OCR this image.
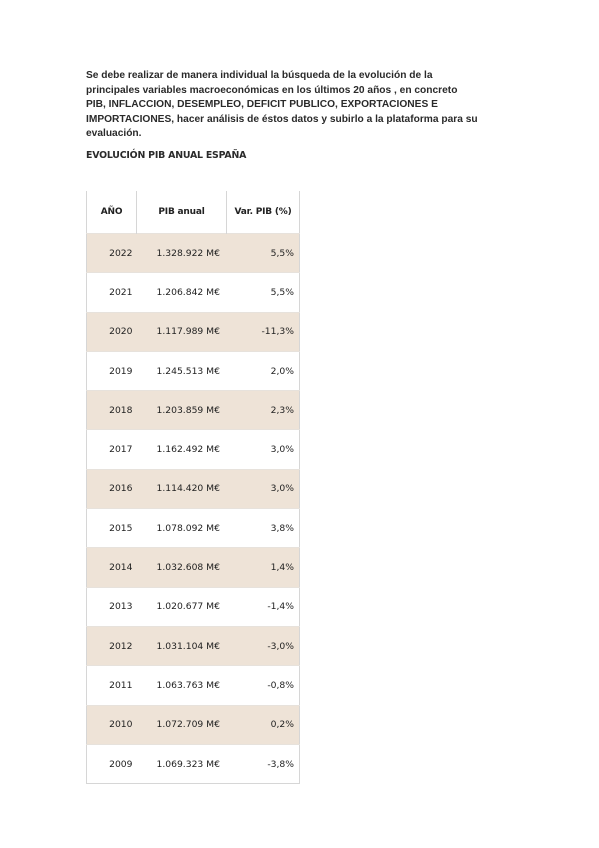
Se debe realizar de manera individual la búsqueda de la evolución de la
principales variables macroeconómicas en los últimos 20 años , en concreto
PIB, INFLACCION, DESEMPLEO, DEFICIT PUBLICO, EXPORTACIONES E
IMPORTACIONES, hacer análisis de éstos datos y subirlo a la plataforma para su
evaluación.
EVOLUCIÓN PIB ANUAL ESPAÑA
AÑO	PIB anual	Var. PIB (%)
2022	1.328.922 M€	5,5%
2021	1.206.842 M€	5,5%
2020	1.117.989 M€	-11,3%
2019	1.245.513 M€	2,0%
2018	1.203.859 M€	2,3%
2017	1.162.492 M€	3,0%
2016	1.114.420 M€	3,0%
2015	1.078.092 M€	3,8%
2014	1.032.608 M€	1,4%
2013	1.020.677 M€	-1,4%
2012	1.031.104 M€	-3,0%
2011	1.063.763 M€	-0,8%
2010	1.072.709 M€	0,2%
2009	1.069.323 M€	-3,8%
